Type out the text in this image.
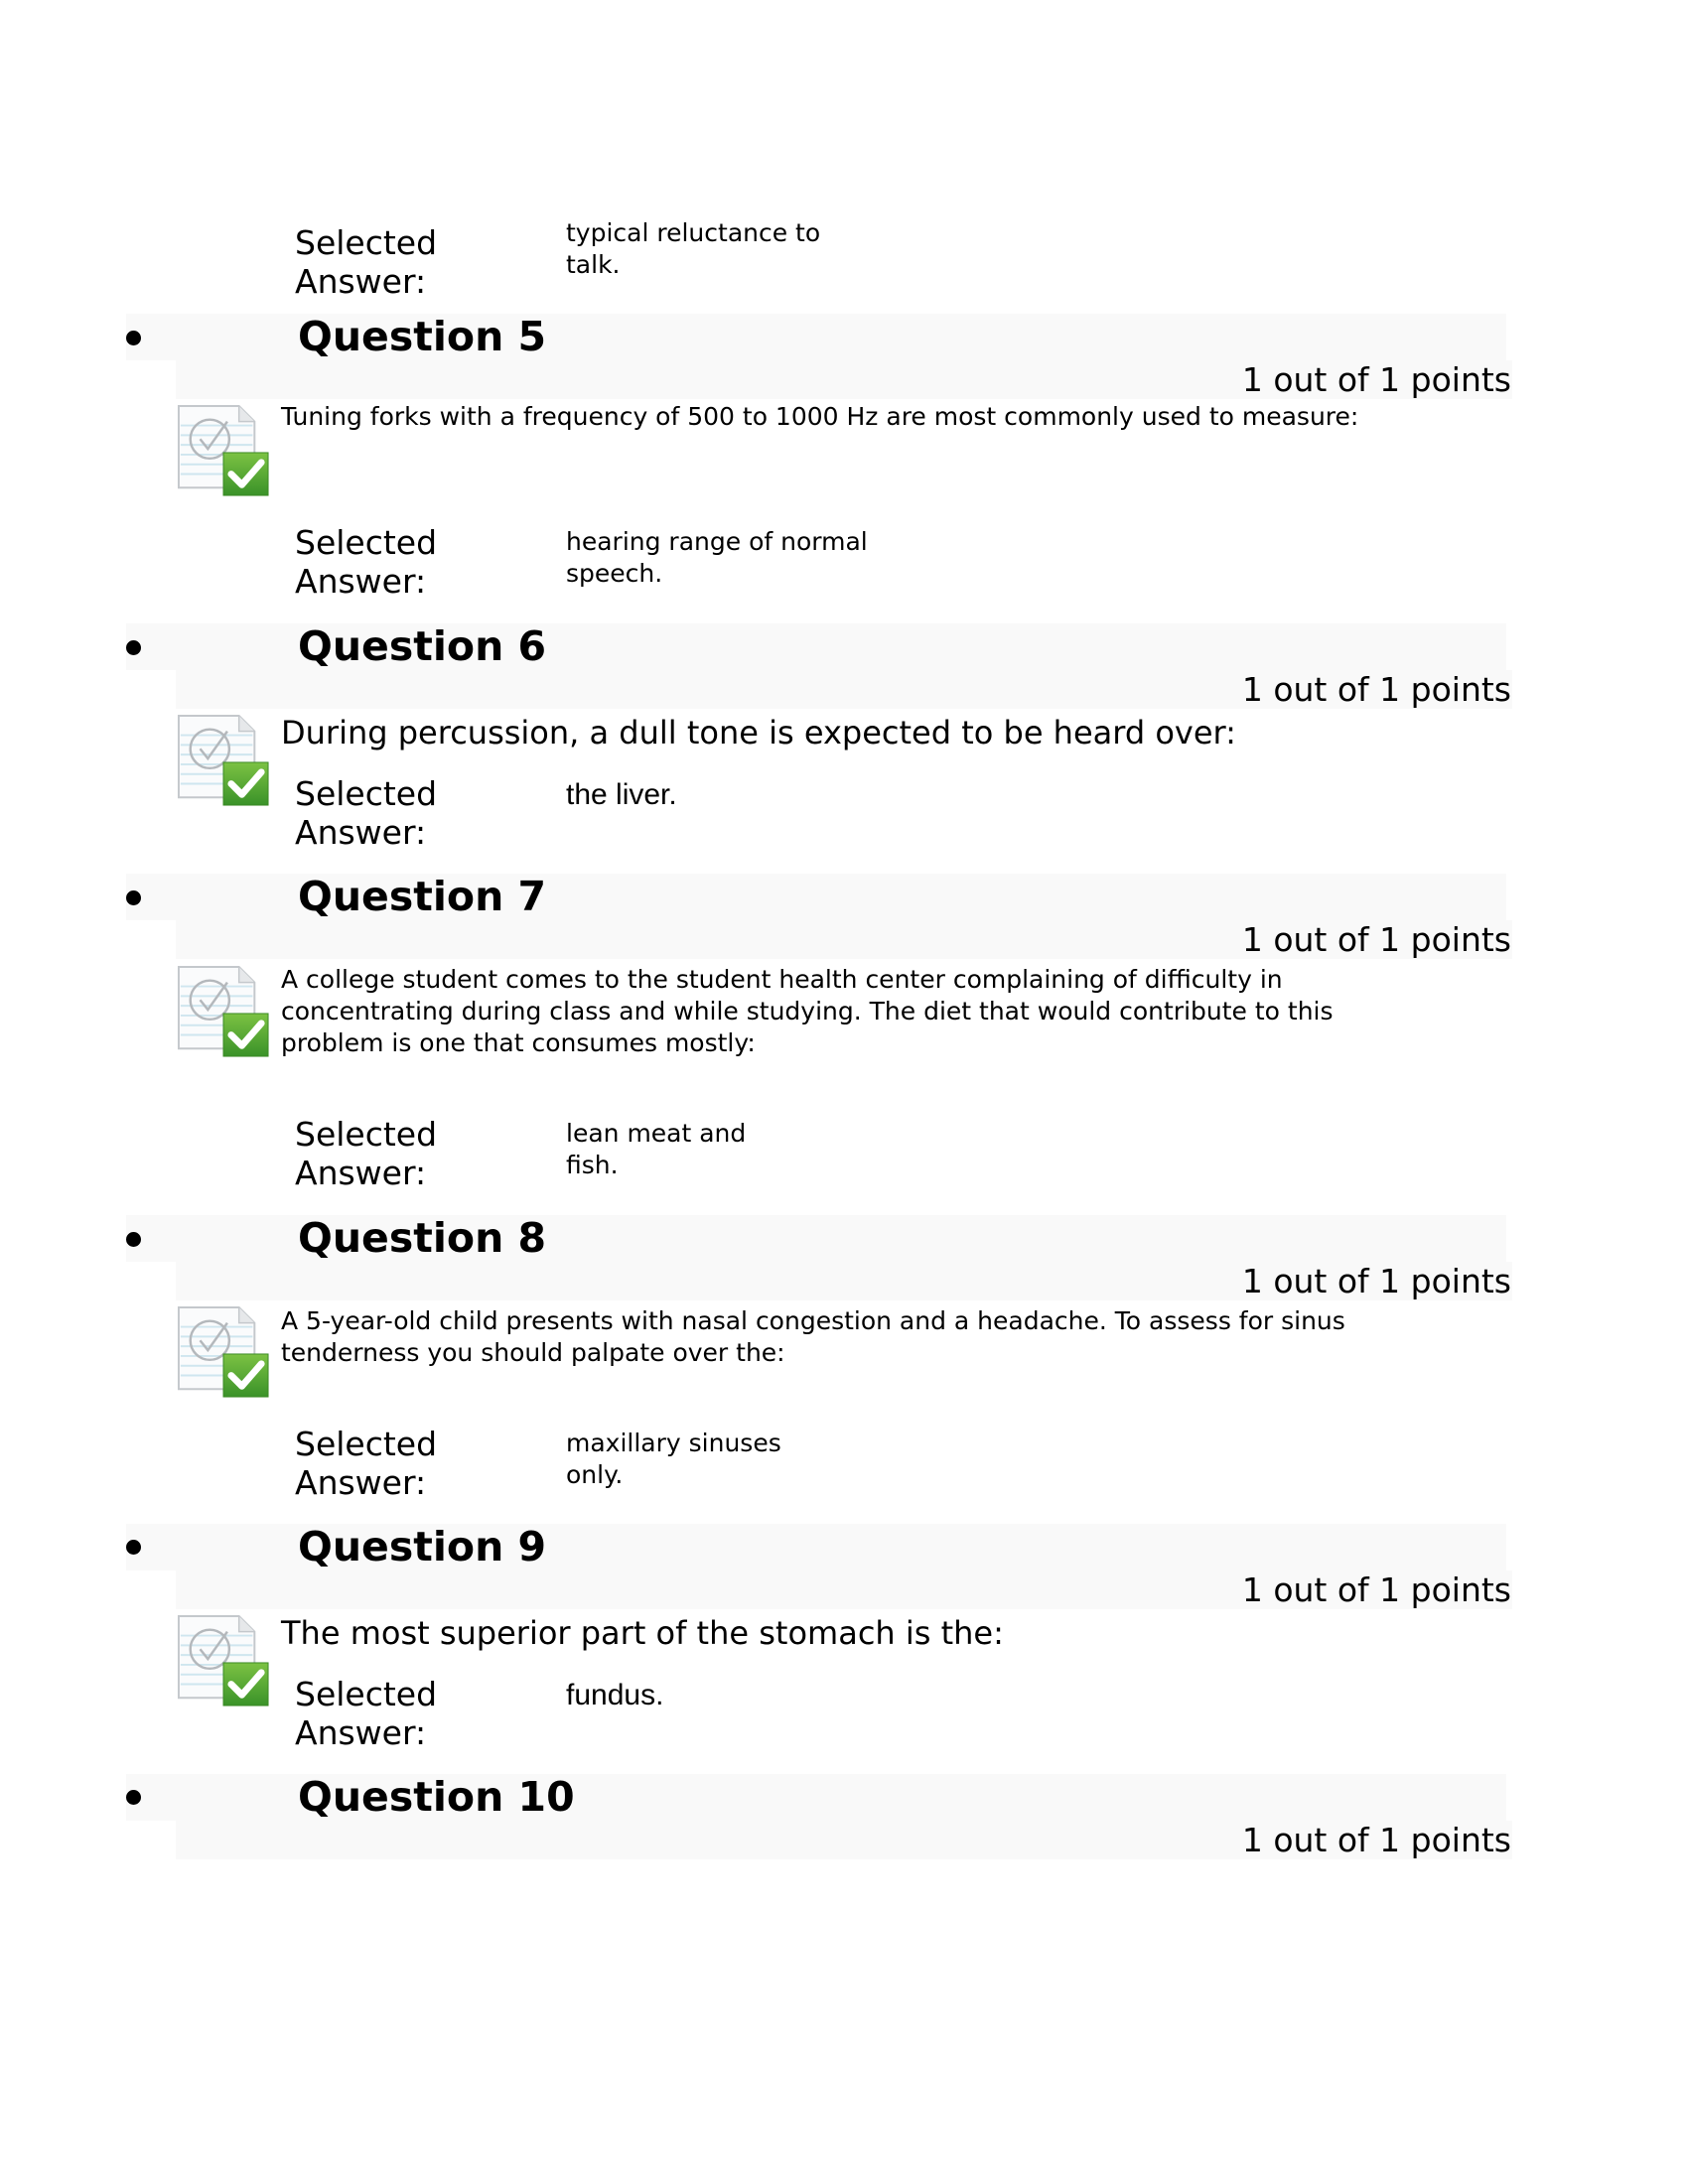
Selected
Answer:
typical reluctance to talk.
Question 5
1 out of 1 points
Tuning forks with a frequency of 500 to 1000 Hz are most commonly used to measure:
Selected
Answer:
hearing range of normal speech.
Question 6
1 out of 1 points
During percussion, a dull tone is expected to be heard over:
Selected
Answer:
the liver.
Question 7
1 out of 1 points
A college student comes to the student health center complaining of difficulty in concentrating during class and while studying. The diet that would contribute to this problem is one that consumes mostly:
Selected
Answer:
lean meat and fish.
Question 8
1 out of 1 points
A 5-year-old child presents with nasal congestion and a headache. To assess for sinus tenderness you should palpate over the:
Selected
Answer:
maxillary sinuses only.
Question 9
1 out of 1 points
The most superior part of the stomach is the:
Selected
Answer:
fundus.
Question 10
1 out of 1 points
